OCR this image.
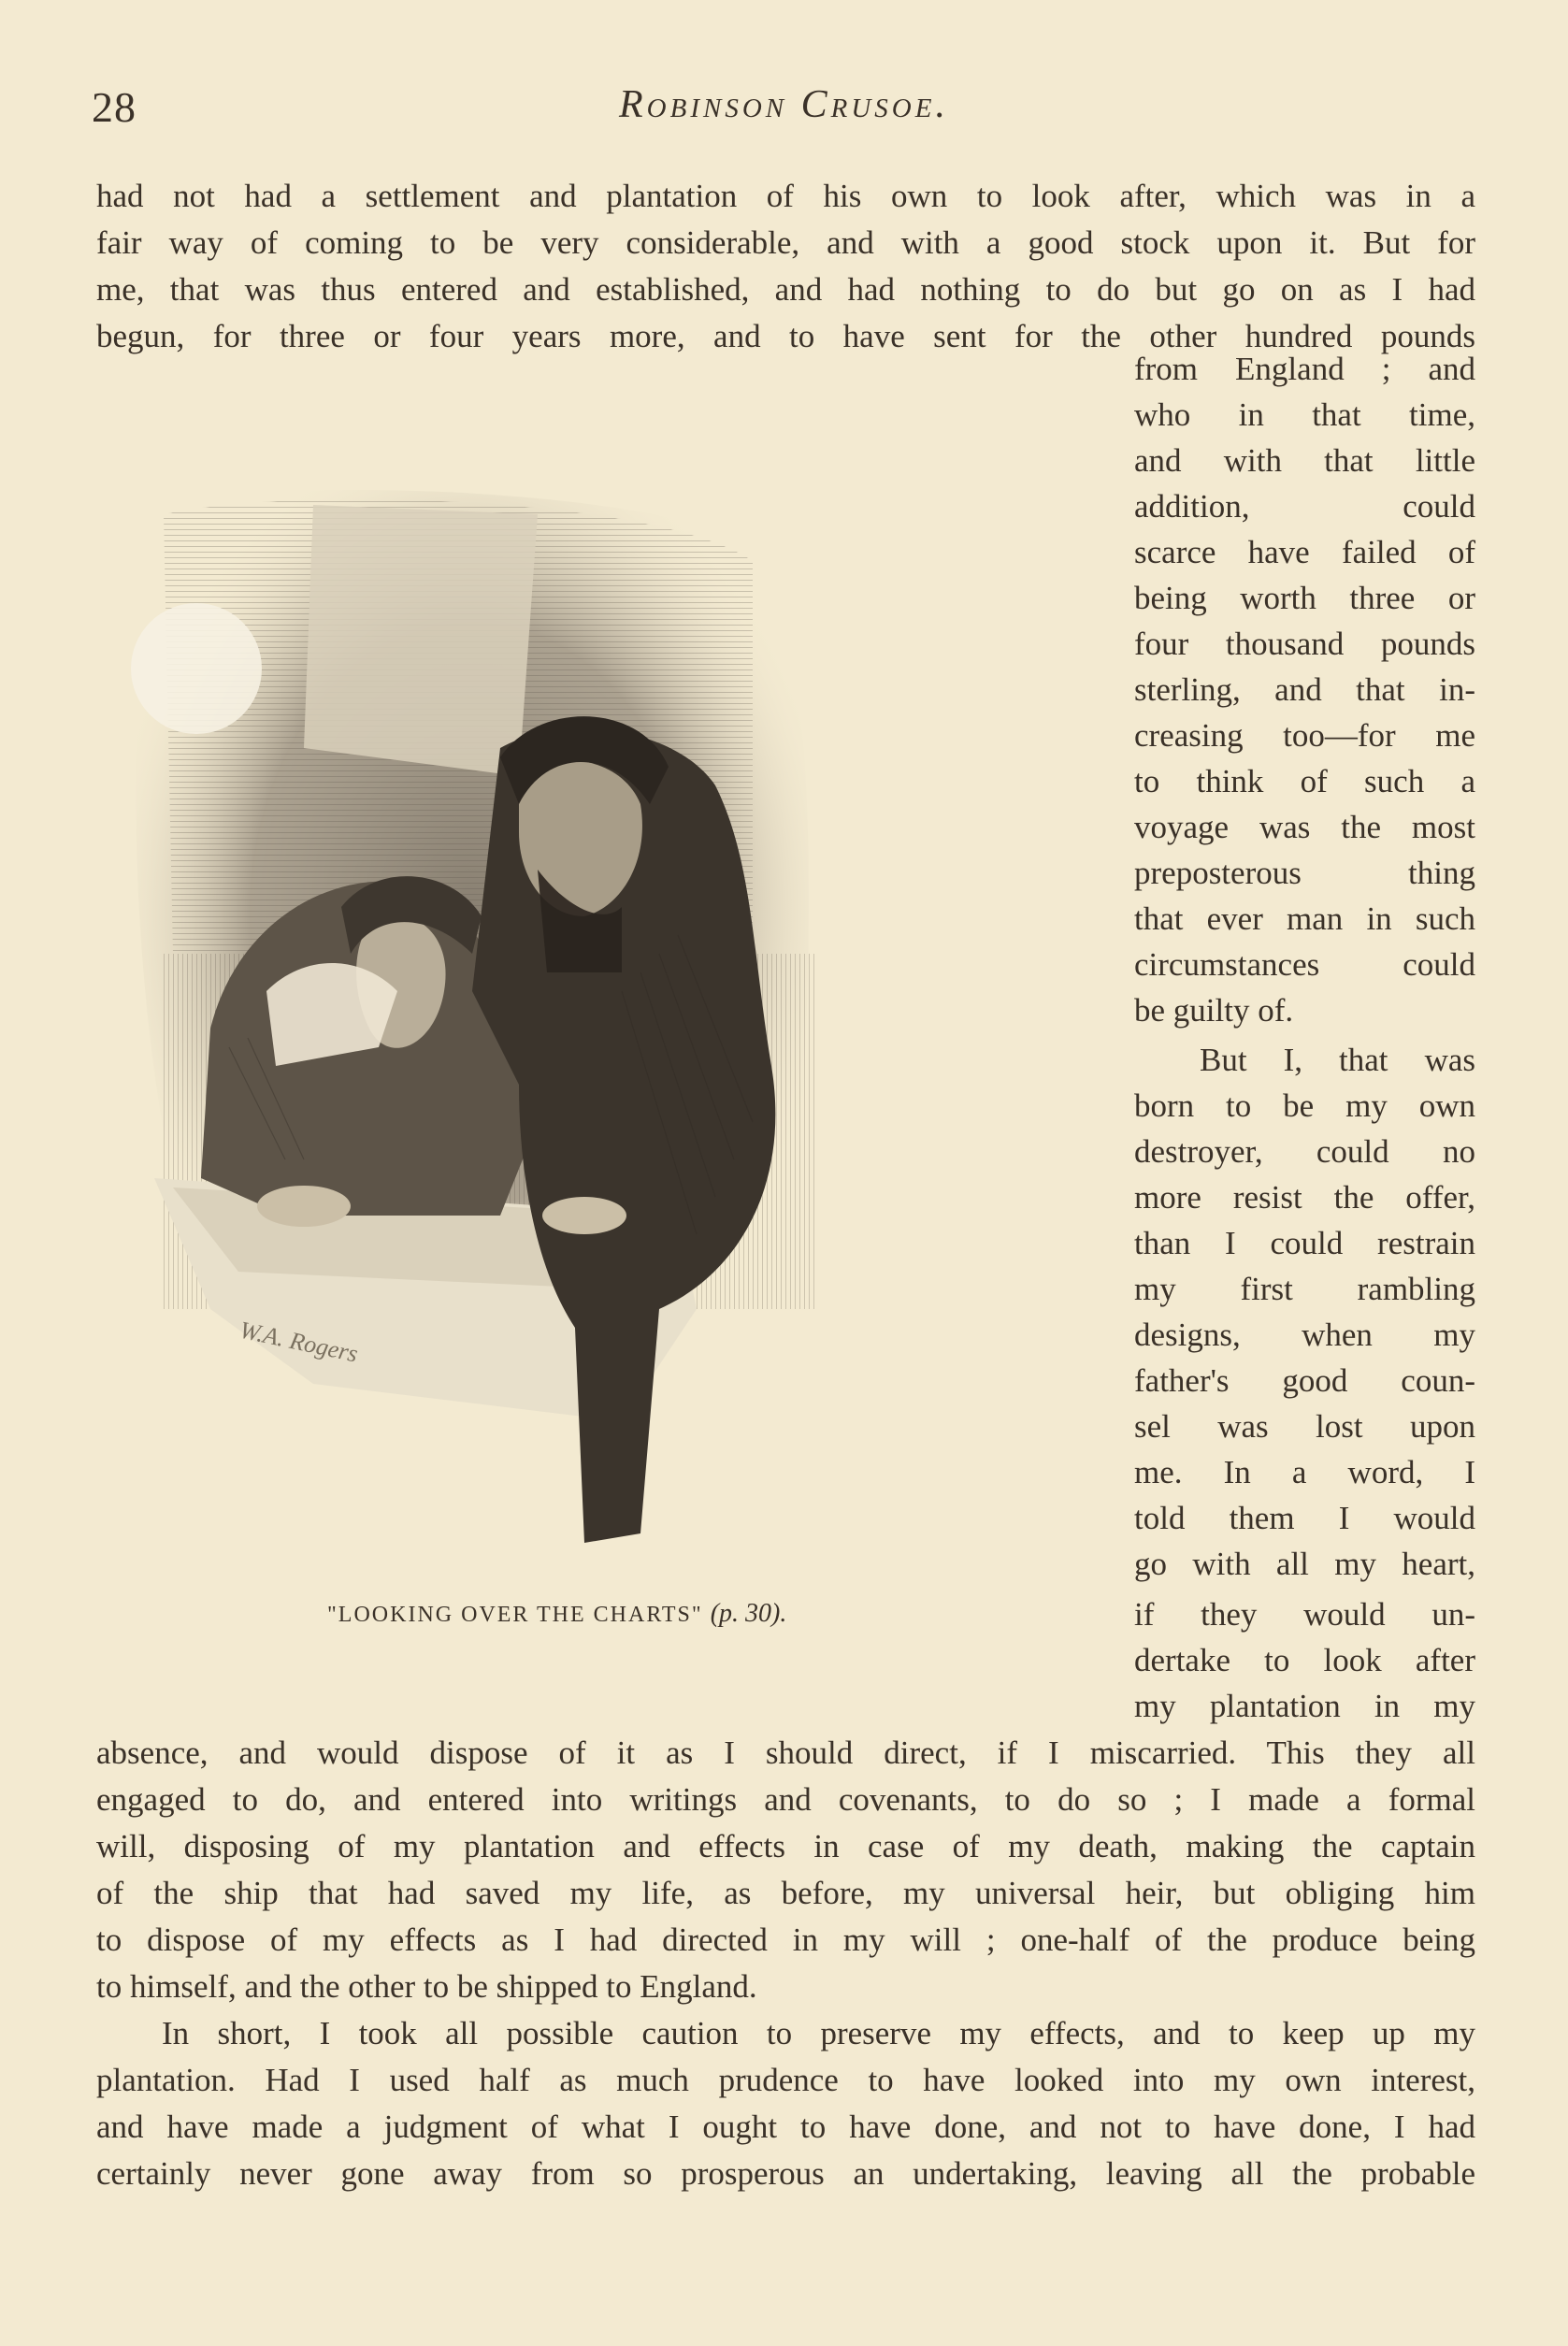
28	Robinson Crusoe.
had not had a settlement and plantation of his own to look after, which was in a
fair way of coming to be very considerable, and with a good stock upon it. But for
me, that was thus entered and established, and had nothing to do but go on as I had
begun, for three or four years more, and to have sent for the other hundred pounds
W.A. Rogers
"LOOKING OVER THE CHARTS" (p. 30).
from England ; and
who in that time,
and with that little
addition, could
scarce have failed of
being worth three or
four thousand pounds
sterling, and that in-
creasing too—for me
to think of such a
voyage was the most
preposterous thing
that ever man in such
circumstances could
be guilty of.
But I, that was
born to be my own
destroyer, could no
more resist the offer,
than I could restrain
my first rambling
designs, when my
father's good coun-
sel was lost upon
me. In a word, I
told them I would
go with all my heart,
if they would un-
dertake to look after
my plantation in my
absence, and would dispose of it as I should direct, if I miscarried. This they all
engaged to do, and entered into writings and covenants, to do so ; I made a formal
will, disposing of my plantation and effects in case of my death, making the captain
of the ship that had saved my life, as before, my universal heir, but obliging him
to dispose of my effects as I had directed in my will ; one-half of the produce being
to himself, and the other to be shipped to England.
In short, I took all possible caution to preserve my effects, and to keep up my
plantation. Had I used half as much prudence to have looked into my own interest,
and have made a judgment of what I ought to have done, and not to have done, I had
certainly never gone away from so prosperous an undertaking, leaving all the probable
